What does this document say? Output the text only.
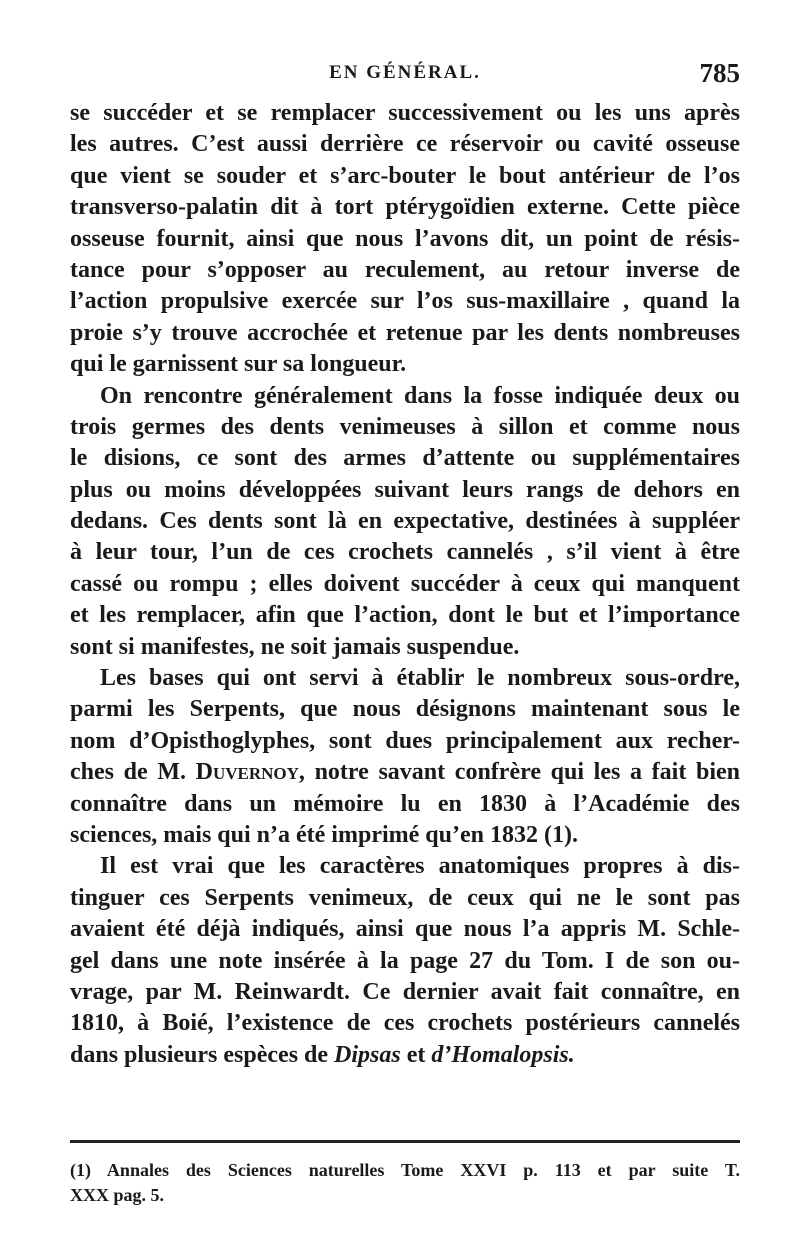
EN GÉNÉRAL.	785
se succéder et se remplacer successivement ou les uns après
les autres. C’est aussi derrière ce réservoir ou cavité osseuse
que vient se souder et s’arc-bouter le bout antérieur de l’os
transverso-palatin dit à tort ptérygoïdien externe. Cette pièce
osseuse fournit, ainsi que nous l’avons dit, un point de résis-
tance pour s’opposer au reculement, au retour inverse de
l’action propulsive exercée sur l’os sus-maxillaire , quand la
proie s’y trouve accrochée et retenue par les dents nombreuses
qui le garnissent sur sa longueur.
On rencontre généralement dans la fosse indiquée deux ou
trois germes des dents venimeuses à sillon et comme nous
le disions, ce sont des armes d’attente ou supplémentaires
plus ou moins développées suivant leurs rangs de dehors en
dedans. Ces dents sont là en expectative, destinées à suppléer
à leur tour, l’un de ces crochets cannelés , s’il vient à être
cassé ou rompu ; elles doivent succéder à ceux qui manquent
et les remplacer, afin que l’action, dont le but et l’importance
sont si manifestes, ne soit jamais suspendue.
Les bases qui ont servi à établir le nombreux sous-ordre,
parmi les Serpents, que nous désignons maintenant sous le
nom d’Opisthoglyphes, sont dues principalement aux recher-
ches de M. Duvernoy, notre savant confrère qui les a fait bien
connaître dans un mémoire lu en 1830 à l’Académie des
sciences, mais qui n’a été imprimé qu’en 1832 (1).
Il est vrai que les caractères anatomiques propres à dis-
tinguer ces Serpents venimeux, de ceux qui ne le sont pas
avaient été déjà indiqués, ainsi que nous l’a appris M. Schle-
gel dans une note insérée à la page 27 du Tom. I de son ou-
vrage, par M. Reinwardt. Ce dernier avait fait connaître, en
1810, à Boié, l’existence de ces crochets postérieurs cannelés
dans plusieurs espèces de Dipsas et d’Homalopsis.
(1) Annales des Sciences naturelles Tome XXVI p. 113 et par suite T.
XXX pag. 5.
